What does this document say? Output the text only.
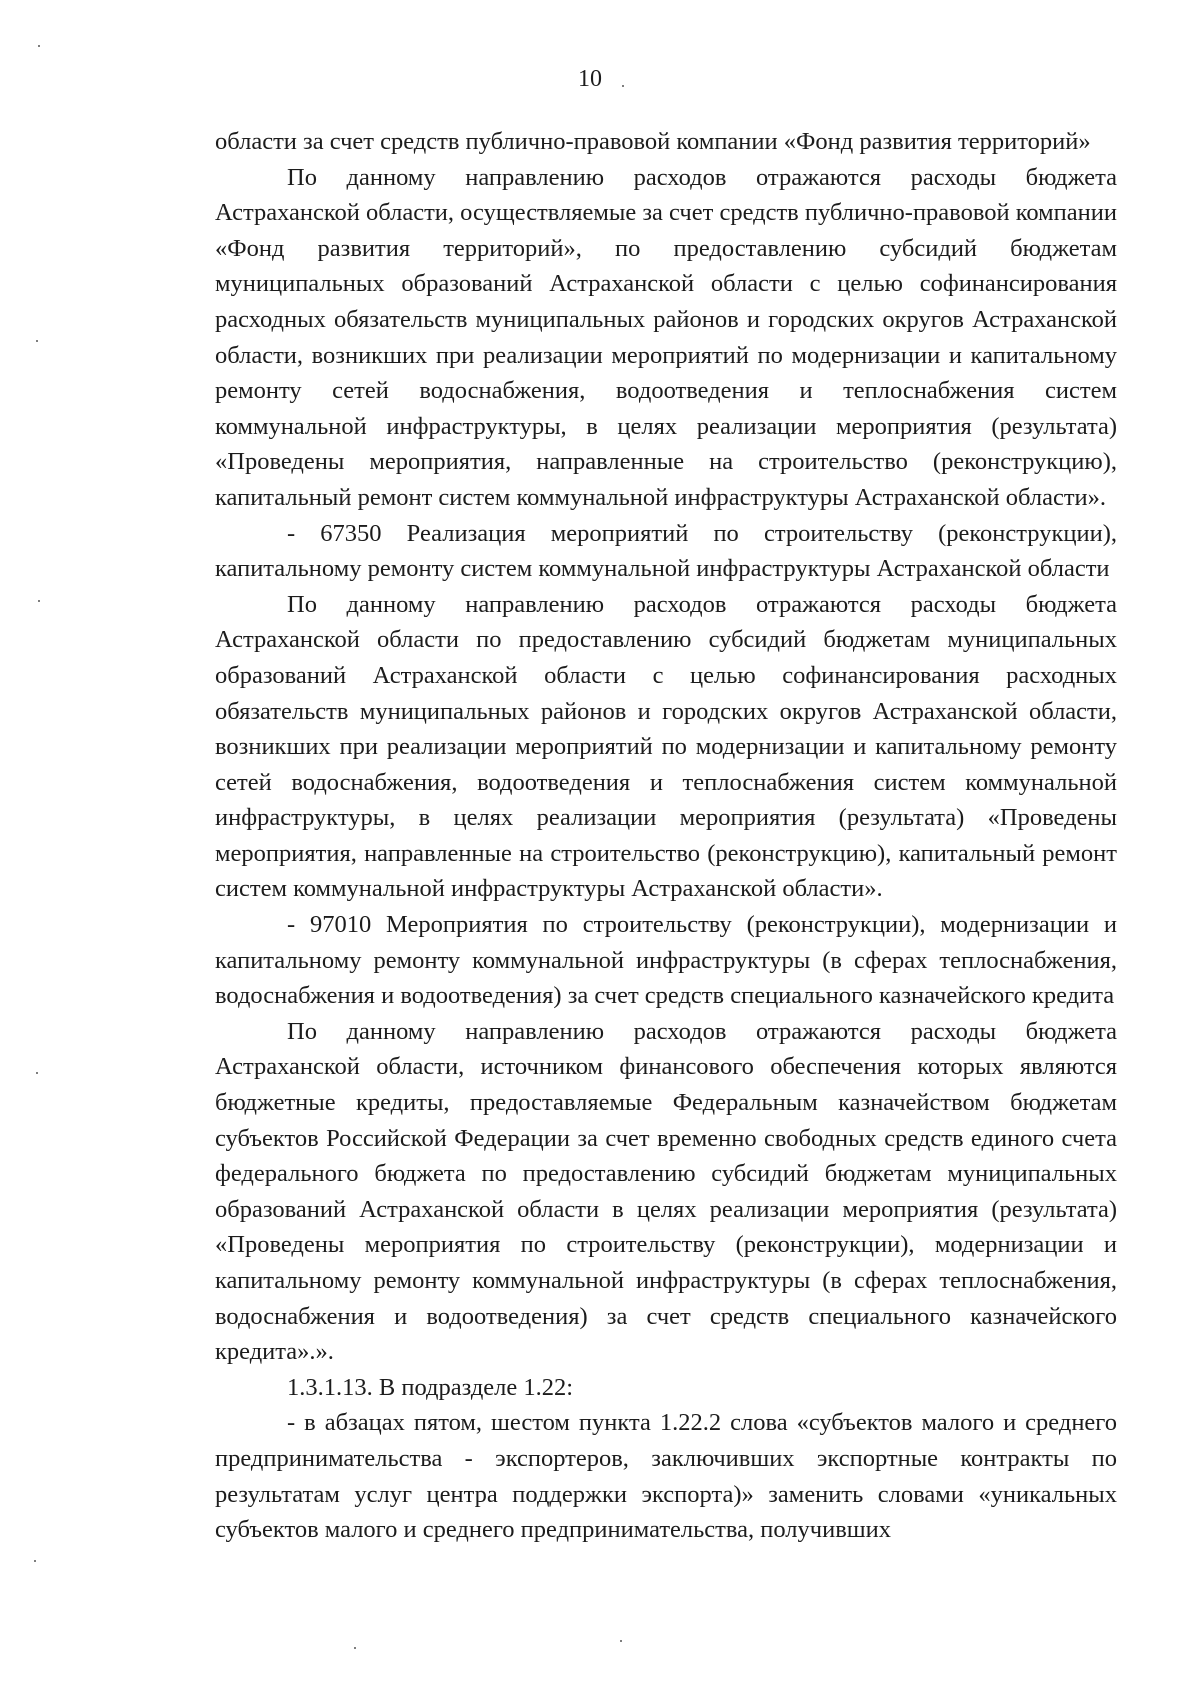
10

области за счет средств публично-правовой компании «Фонд развития территорий»

По данному направлению расходов отражаются расходы бюджета Астраханской области, осуществляемые за счет средств публично-правовой компании «Фонд развития территорий», по предоставлению субсидий бюджетам муниципальных образований Астраханской области с целью софинансирования расходных обязательств муниципальных районов и городских округов Астраханской области, возникших при реализации мероприятий по модернизации и капитальному ремонту сетей водоснабжения, водоотведения и теплоснабжения систем коммунальной инфраструктуры, в целях реализации мероприятия (результата) «Проведены мероприятия, направленные на строительство (реконструкцию), капитальный ремонт систем коммунальной инфраструктуры Астраханской области».

- 67350 Реализация мероприятий по строительству (реконструкции), капитальному ремонту систем коммунальной инфраструктуры Астраханской области

По данному направлению расходов отражаются расходы бюджета Астраханской области по предоставлению субсидий бюджетам муниципальных образований Астраханской области с целью софинансирования расходных обязательств муниципальных районов и городских округов Астраханской области, возникших при реализации мероприятий по модернизации и капитальному ремонту сетей водоснабжения, водоотведения и теплоснабжения систем коммунальной инфраструктуры, в целях реализации мероприятия (результата) «Проведены мероприятия, направленные на строительство (реконструкцию), капитальный ремонт систем коммунальной инфраструктуры Астраханской области».

- 97010 Мероприятия по строительству (реконструкции), модернизации и капитальному ремонту коммунальной инфраструктуры (в сферах теплоснабжения, водоснабжения и водоотведения) за счет средств специального казначейского кредита

По данному направлению расходов отражаются расходы бюджета Астраханской области, источником финансового обеспечения которых являются бюджетные кредиты, предоставляемые Федеральным казначейством бюджетам субъектов Российской Федерации за счет временно свободных средств единого счета федерального бюджета по предоставлению субсидий бюджетам муниципальных образований Астраханской области в целях реализации мероприятия (результата) «Проведены мероприятия по строительству (реконструкции), модернизации и капитальному ремонту коммунальной инфраструктуры (в сферах теплоснабжения, водоснабжения и водоотведения) за счет средств специального казначейского кредита».».

1.3.1.13. В подразделе 1.22:

- в абзацах пятом, шестом пункта 1.22.2 слова «субъектов малого и среднего предпринимательства - экспортеров, заключивших экспортные контракты по результатам услуг центра поддержки экспорта)» заменить словами «уникальных субъектов малого и среднего предпринимательства, получивших
